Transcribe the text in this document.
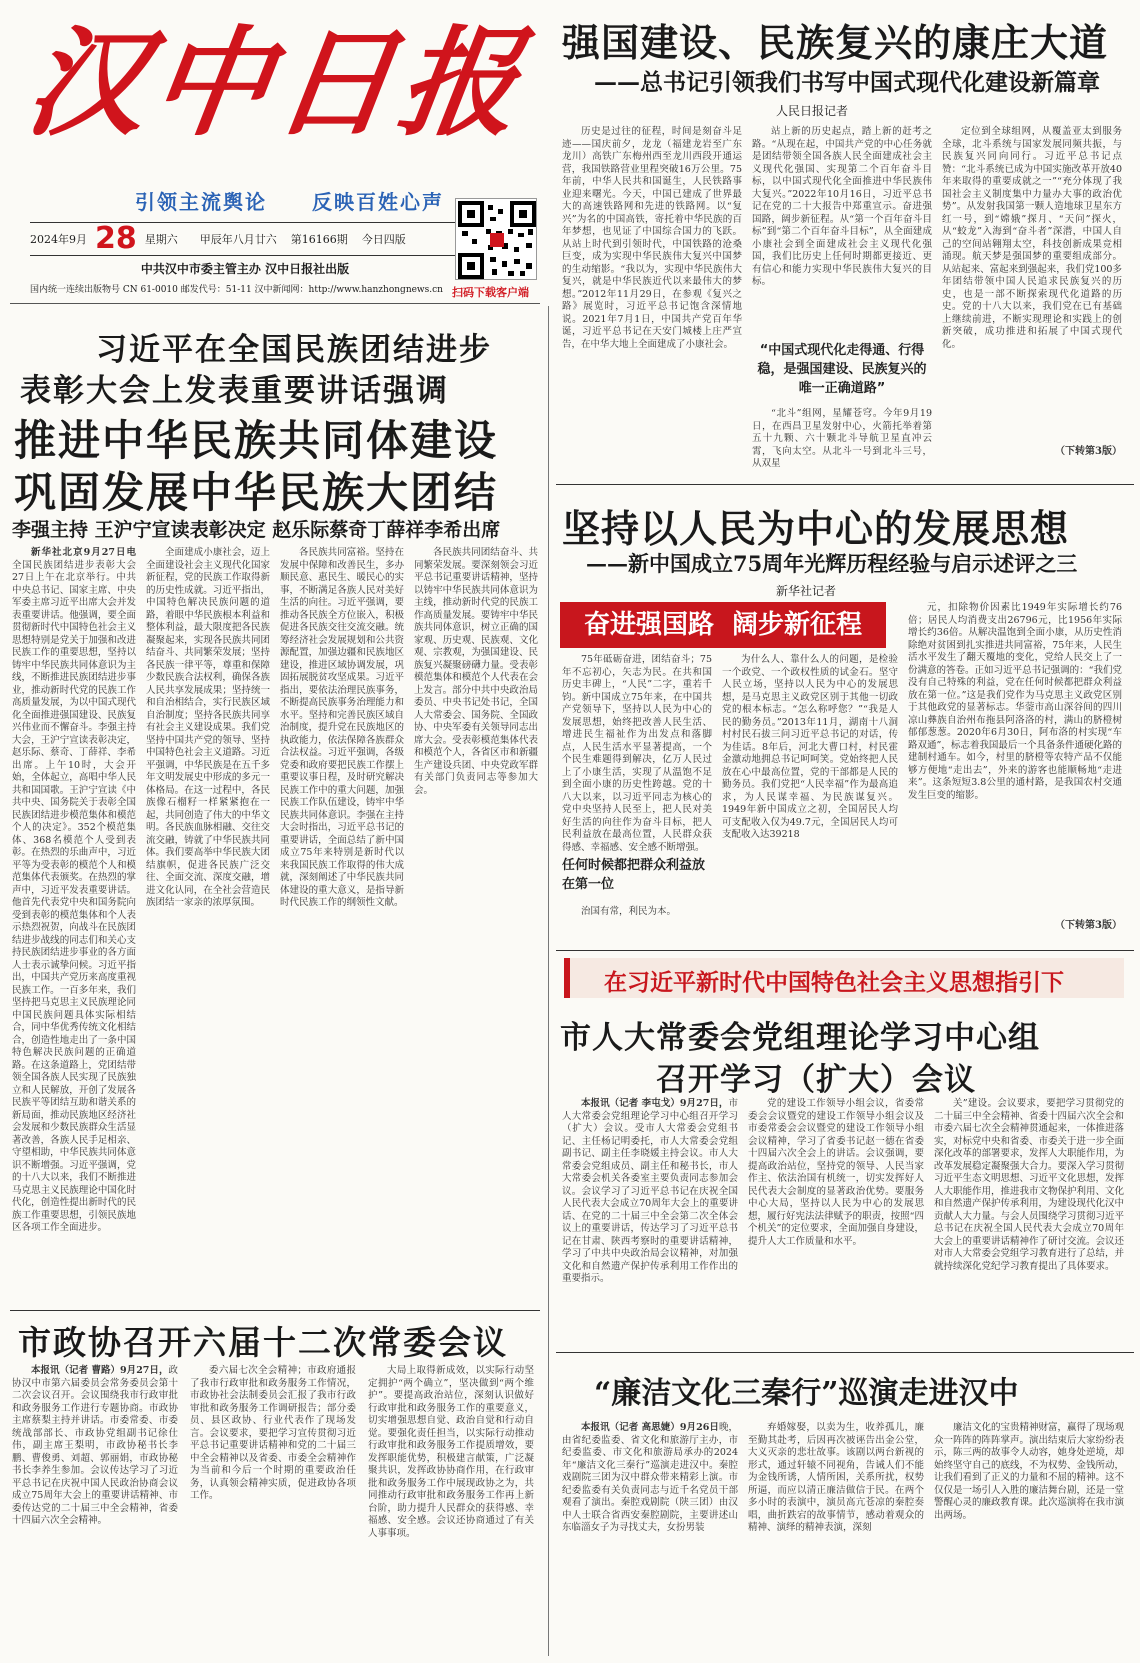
汉中日报
引领主流舆论 反映百姓心声
2024年9月 28 星期六 甲辰年八月廿六 第16166期 今日四版
中共汉中市委主管主办 汉中日报社出版
国内统一连续出版物号 CN 61-0010 邮发代号：51-11 汉中新闻网：http://www.hanzhongnews.cn 扫码下载客户端
习近平在全国民族团结进步
表彰大会上发表重要讲话强调
推进中华民族共同体建设
巩固发展中华民族大团结
李强主持 王沪宁宣读表彰决定 赵乐际蔡奇丁薛祥李希出席

新华社北京9月27日电 全国民族团结进步表彰大会27日上午在北京举行。中共中央总书记、国家主席、中央军委主席习近平出席大会并发表重要讲话。他强调，要全面贯彻新时代中国特色社会主义思想特别是党关于加强和改进民族工作的重要思想，坚持以铸牢中华民族共同体意识为主线，不断推进民族团结进步事业，推动新时代党的民族工作高质量发展，为以中国式现代化全面推进强国建设、民族复兴伟业而不懈奋斗。李强主持大会，王沪宁宣读表彰决定，赵乐际、蔡奇、丁薛祥、李希出席。上午10时，大会开始，全体起立，高唱中华人民共和国国歌。王沪宁宣读《中共中央、国务院关于表彰全国民族团结进步模范集体和模范个人的决定》。352个模范集体、368名模范个人受到表彰。在热烈的乐曲声中，习近平等为受表彰的模范个人和模范集体代表颁奖。在热烈的掌声中，习近平发表重要讲话。他首先代表党中央和国务院向受到表彰的模范集体和个人表示热烈祝贺，向战斗在民族团结进步战线的同志们和关心支持民族团结进步事业的各方面人士表示诚挚问候。习近平指出，中国共产党历来高度重视民族工作。一百多年来，我们坚持把马克思主义民族理论同中国民族问题具体实际相结合，同中华优秀传统文化相结合，创造性地走出了一条中国特色解决民族问题的正确道路。在这条道路上，党团结带领全国各族人民实现了民族独立和人民解放，开创了发展各民族平等团结互助和谐关系的新局面，推动民族地区经济社会发展和少数民族群众生活显著改善，各族人民手足相亲、守望相助，中华民族共同体意识不断增强。习近平强调，党的十八大以来，我们不断推进马克思主义民族理论中国化时代化，创造性提出新时代的民族工作重要思想，引领民族地区各项工作全面进步。

全面建成小康社会，迈上全面建设社会主义现代化国家新征程，党的民族工作取得新的历史性成就。习近平指出，中国特色解决民族问题的道路，着眼中华民族根本利益和整体利益，最大限度把各民族凝聚起来，实现各民族共同团结奋斗、共同繁荣发展；坚持各民族一律平等，尊重和保障少数民族合法权利，确保各族人民共享发展成果；坚持统一和自治相结合，实行民族区域自治制度；坚持各民族共同享有社会主义建设成果。我们党坚持中国共产党的领导、坚持中国特色社会主义道路。习近平强调，中华民族是在五千多年文明发展史中形成的多元一体格局。在这一过程中，各民族像石榴籽一样紧紧抱在一起，共同创造了伟大的中华文明。各民族血脉相融、交往交流交融，铸就了中华民族共同体。我们要高举中华民族大团结旗帜，促进各民族广泛交往、全面交流、深度交融，增进文化认同，在全社会营造民族团结一家亲的浓厚氛围。

各民族共同富裕。坚持在发展中保障和改善民生，多办顺民意、惠民生、暖民心的实事，不断满足各族人民对美好生活的向往。习近平强调，要推动各民族全方位嵌入，积极促进各民族交往交流交融。统筹经济社会发展规划和公共资源配置，加强边疆和民族地区建设，推进区域协调发展，巩固拓展脱贫攻坚成果。习近平指出，要依法治理民族事务，不断提高民族事务治理能力和水平。坚持和完善民族区域自治制度，提升党在民族地区的执政能力，依法保障各族群众合法权益。习近平强调，各级党委和政府要把民族工作摆上重要议事日程，及时研究解决民族工作中的重大问题，加强民族工作队伍建设，铸牢中华民族共同体意识。李强在主持大会时指出，习近平总书记的重要讲话，全面总结了新中国成立75年来特别是新时代以来我国民族工作取得的伟大成就，深刻阐述了中华民族共同体建设的重大意义，是指导新时代民族工作的纲领性文献。

各民族共同团结奋斗、共同繁荣发展。要深刻领会习近平总书记重要讲话精神，坚持以铸牢中华民族共同体意识为主线，推动新时代党的民族工作高质量发展。要铸牢中华民族共同体意识，树立正确的国家观、历史观、民族观、文化观、宗教观，为强国建设、民族复兴凝聚磅礴力量。受表彰模范集体和模范个人代表在会上发言。部分中共中央政治局委员、中央书记处书记，全国人大常委会、国务院、全国政协、中央军委有关领导同志出席大会。受表彰模范集体代表和模范个人，各省区市和新疆生产建设兵团、中央党政军群有关部门负责同志等参加大会。

市政协召开六届十二次常委会议

本报讯（记者 曹路）9月27日，政协汉中市第六届委员会常务委员会第十二次会议召开。会议围绕我市行政审批和政务服务工作进行专题协商。市政协主席蔡梨主持并讲话。市委常委、市委统战部部长、市政协党组副书记徐仕伟，副主席王梨明，市政协秘书长李鹏、曹俊勇、刘超、郭丽娟，市政协秘书长李养生参加。会议传达学习了习近平总书记在庆祝中国人民政治协商会议成立75周年大会上的重要讲话精神、市委传达党的二十届三中全会精神，省委十四届六次全会精神。

委六届七次全会精神；市政府通报了我市行政审批和政务服务工作情况，市政协社会法制委员会汇报了我市行政审批和政务服务工作调研报告；部分委员、县区政协、行业代表作了现场发言。会议要求，要把学习宣传贯彻习近平总书记重要讲话精神和党的二十届三中全会精神以及省委、市委全会精神作为当前和今后一个时期的重要政治任务，认真领会精神实质，促进政协各项工作。

大局上取得新成效，以实际行动坚定拥护“两个确立”，坚决做到“两个维护”。要提高政治站位，深刻认识做好行政审批和政务服务工作的重要意义，切实增强思想自觉、政治自觉和行动自觉。要强化责任担当，以实际行动推动行政审批和政务服务工作提质增效，要发挥职能优势，积极建言献策，广泛凝聚共识，发挥政协协商作用，在行政审批和政务服务工作中展现政协之为，共同推动行政审批和政务服务工作再上新台阶，助力提升人民群众的获得感、幸福感、安全感。会议还协商通过了有关人事事项。

强国建设、民族复兴的康庄大道
——总书记引领我们书写中国式现代化建设新篇章
人民日报记者

历史是过往的征程，时间是刻奋斗足迹——国庆前夕，龙龙（福建龙岩至广东龙川）高铁广东梅州西至龙川西段开通运营，我国铁路营业里程突破16万公里。75年前，中华人民共和国诞生，人民铁路事业迎来曙光。今天，中国已建成了世界最大的高速铁路网和先进的铁路网。以“复兴”为名的中国高铁，寄托着中华民族的百年梦想，也见证了中国综合国力的飞跃。从站上时代到引领时代，中国铁路的沧桑巨变，成为实现中华民族伟大复兴中国梦的生动缩影。“我以为，实现中华民族伟大复兴，就是中华民族近代以来最伟大的梦想。”2012年11月29日，在参观《复兴之路》展览时，习近平总书记饱含深情地说。2021年7月1日，中国共产党百年华诞，习近平总书记在天安门城楼上庄严宣告，在中华大地上全面建成了小康社会。

站上新的历史起点，踏上新的赶考之路。“从现在起，中国共产党的中心任务就是团结带领全国各族人民全面建成社会主义现代化强国、实现第二个百年奋斗目标，以中国式现代化全面推进中华民族伟大复兴。”2022年10月16日，习近平总书记在党的二十大报告中郑重宣示。奋进强国路，阔步新征程。从“第一个百年奋斗目标”到“第二个百年奋斗目标”，从全面建成小康社会到全面建成社会主义现代化强国，我们比历史上任何时期都更接近、更有信心和能力实现中华民族伟大复兴的目标。

“中国式现代化走得通、行得稳，是强国建设、民族复兴的唯一正确道路”

“北斗”组网，星耀苍穹。今年9月19日，在西昌卫星发射中心，火箭托举着第五十九颗、六十颗北斗导航卫星直冲云霄，飞向太空。从北斗一号到北斗三号，从双星

定位到全球组网，从覆盖亚太到服务全球，北斗系统与国家发展同频共振，与民族复兴同向同行。习近平总书记点赞：“北斗系统已成为中国实施改革开放40年来取得的重要成就之一”“充分体现了我国社会主义制度集中力量办大事的政治优势”。从发射我国第一颗人造地球卫星东方红一号，到“嫦娥”探月、“天问”探火，从“蛟龙”入海到“奋斗者”深潜，中国人自己的空间站翱翔太空，科技创新成果竞相涌现。航天梦是强国梦的重要组成部分。从站起来、富起来到强起来，我们党100多年团结带领中国人民追求民族复兴的历史，也是一部不断探索现代化道路的历史。党的十八大以来，我们党在已有基础上继续前进，不断实现理论和实践上的创新突破，成功推进和拓展了中国式现代化。

（下转第3版）
坚持以人民为中心的发展思想
——新中国成立75周年光辉历程经验与启示述评之三
新华社记者
奋进强国路  阔步新征程

75年砥砺奋进，团结奋斗；75年不忘初心，矢志为民。在共和国历史丰碑上，“人民”二字，重若千钧。新中国成立75年来，在中国共产党领导下，坚持以人民为中心的发展思想，始终把改善人民生活、增进民生福祉作为出发点和落脚点，人民生活水平显著提高，一个个民生难题得到解决，亿万人民过上了小康生活，实现了从温饱不足到全面小康的历史性跨越。党的十八大以来，以习近平同志为核心的党中央坚持人民至上，把人民对美好生活的向往作为奋斗目标，把人民利益放在最高位置，人民群众获得感、幸福感、安全感不断增强。

任何时候都把群众利益放在第一位

治国有常，利民为本。

为什么人、靠什么人的问题，是检验一个政党、一个政权性质的试金石。坚守人民立场，坚持以人民为中心的发展思想，是马克思主义政党区别于其他一切政党的根本标志。“怎么称呼您？”“我是人民的勤务员。”2013年11月，湖南十八洞村村民石拔三问习近平总书记的对话，传为佳话。8年后，河北大曹口村，村民霍金激动地拥总书记呵呵笑。党始终把人民放在心中最高位置，党的干部都是人民的勤务员。我们党把“人民幸福”作为最高追求，为人民谋幸福、为民族谋复兴。1949年新中国成立之初，全国居民人均可支配收入仅为49.7元，全国居民人均可支配收入达39218

元，扣除物价因素比1949年实际增长约76倍；居民人均消费支出26796元，比1956年实际增长约36倍。从解决温饱到全面小康，从历史性消除绝对贫困到扎实推进共同富裕，75年来，人民生活水平发生了翻天覆地的变化，党给人民交上了一份满意的答卷。正如习近平总书记强调的：“我们党没有自己特殊的利益，党在任何时候都把群众利益放在第一位。”这是我们党作为马克思主义政党区别于其他政党的显著标志。华蓥市高山深谷间的四川凉山彝族自治州布拖县阿洛洛的村，满山的脐橙树郁郁葱葱。2020年6月30日，阿布洛的村实现“车路双通”，标志着我国最后一个具备条件通硬化路的建制村通车。如今，村里的脐橙等农特产品不仅能够方便地“走出去”，外来的游客也能顺畅地“走进来”。这条短短3.8公里的通村路，是我国农村交通发生巨变的缩影。

（下转第3版）
在习近平新时代中国特色社会主义思想指引下
市人大常委会党组理论学习中心组
召开学习（扩大）会议

本报讯（记者 李屯戈）9月27日，市人大常委会党组理论学习中心组召开学习（扩大）会议。受市人大常委会党组书记、主任杨记明委托，市人大常委会党组副书记、副主任李晓媛主持会议。市人大常委会党组成员、副主任和秘书长，市人大常委会机关各委室主要负责同志参加会议。会议学习了习近平总书记在庆祝全国人民代表大会成立70周年大会上的重要讲话、在党的二十届三中全会第二次全体会议上的重要讲话，传达学习了习近平总书记在甘肃、陕西考察时的重要讲话精神，学习了中共中央政治局会议精神，对加强文化和自然遗产保护传承利用工作作出的重要指示。

党的建设工作领导小组会议，省委常委会会议暨党的建设工作领导小组会议及市委常委会会议暨党的建设工作领导小组会议精神，学习了省委书记赵一德在省委十四届六次全会上的讲话。会议强调，要提高政治站位，坚持党的领导、人民当家作主、依法治国有机统一，切实发挥好人民代表大会制度的显著政治优势。要服务中心大局，坚持以人民为中心的发展思想，履行好宪法法律赋予的职责，按照“四个机关”的定位要求，全面加强自身建设，提升人大工作质量和水平。

关”建设。会议要求，要把学习贯彻党的二十届三中全会精神、省委十四届六次全会和市委六届七次全会精神贯通起来，一体推进落实，对标党中央和省委、市委关于进一步全面深化改革的部署要求，发挥人大职能作用，为改革发展稳定凝聚强大合力。要深入学习贯彻习近平生态文明思想、习近平文化思想，发挥人大职能作用，推进我市文物保护利用、文化和自然遗产保护传承利用，为建设现代化汉中贡献人大力量。与会人员围绕学习贯彻习近平总书记在庆祝全国人民代表大会成立70周年大会上的重要讲话精神作了研讨交流。会议还对市人大常委会党组学习教育进行了总结，并就持续深化党纪学习教育提出了具体要求。

“廉洁文化三秦行”巡演走进汉中

本报讯（记者 高思婕）9月26日晚，由省纪委监委、省文化和旅游厅主办，市纪委监委、市文化和旅游局承办的2024年“廉洁文化三秦行”巡演走进汉中。秦腔戏剧院三团为汉中群众带来精彩上演。市纪委监委有关负责同志与近千名党员干部观看了演出。秦腔戏剧院（陕三团）由汉中人士联合省西安秦腔剧院，主要讲述山东临淄女子为寻找丈夫，女扮男装

弃婚嫁娶，以卖为生，收养孤儿，廉至勤其赴考，后因再次被诬告出金公堂，大义灭亲的悲壮故事。该剧以两台新视的形式，通过轩辕不同视角，告诫人们不能为金钱所诱，人情所困，关系所扰，权势所逼，而应以清正廉洁做信于民。在两个多小时的表演中，演员高亢苍凉的秦腔奏唱，曲折跌宕的故事情节，感动着观众的精神、演绎的精神表演，深刻

廉洁文化的宝贵精神财富，赢得了现场观众一阵阵的阵阵掌声。演出结束后大家纷纷表示，陈三两的故事令人动容，她身处逆境，却始终坚守自己的底线，不为权势、金钱所动，让我们看到了正义的力量和不屈的精神。这不仅仅是一场引人入胜的廉洁舞台剧，还是一堂警醒心灵的廉政教育课。此次巡演将在我市演出两场。
